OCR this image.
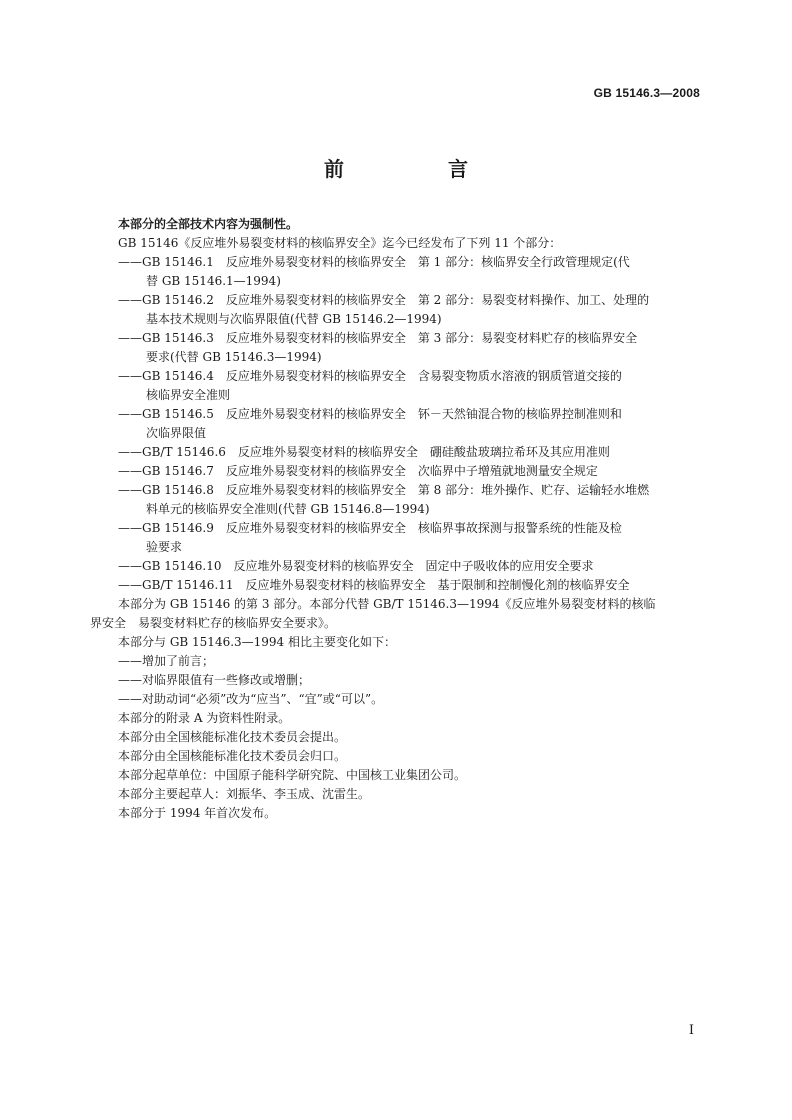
GB 15146.3—2008
前　言
本部分的全部技术内容为强制性。
GB 15146《反应堆外易裂变材料的核临界安全》迄今已经发布了下列 11 个部分：
——GB 15146.1　反应堆外易裂变材料的核临界安全　第 1 部分：核临界安全行政管理规定(代
替 GB 15146.1—1994)
——GB 15146.2　反应堆外易裂变材料的核临界安全　第 2 部分：易裂变材料操作、加工、处理的
基本技术规则与次临界限值(代替 GB 15146.2—1994)
——GB 15146.3　反应堆外易裂变材料的核临界安全　第 3 部分：易裂变材料贮存的核临界安全
要求(代替 GB 15146.3—1994)
——GB 15146.4　反应堆外易裂变材料的核临界安全　含易裂变物质水溶液的钢质管道交接的
核临界安全准则
——GB 15146.5　反应堆外易裂变材料的核临界安全　钚－天然铀混合物的核临界控制准则和
次临界限值
——GB/T 15146.6　反应堆外易裂变材料的核临界安全　硼硅酸盐玻璃拉希环及其应用准则
——GB 15146.7　反应堆外易裂变材料的核临界安全　次临界中子增殖就地测量安全规定
——GB 15146.8　反应堆外易裂变材料的核临界安全　第 8 部分：堆外操作、贮存、运输轻水堆燃
料单元的核临界安全准则(代替 GB 15146.8—1994)
——GB 15146.9　反应堆外易裂变材料的核临界安全　核临界事故探测与报警系统的性能及检
验要求
——GB 15146.10　反应堆外易裂变材料的核临界安全　固定中子吸收体的应用安全要求
——GB/T 15146.11　反应堆外易裂变材料的核临界安全　基于限制和控制慢化剂的核临界安全
本部分为 GB 15146 的第 3 部分。本部分代替 GB/T 15146.3—1994《反应堆外易裂变材料的核临
界安全　易裂变材料贮存的核临界安全要求》。
本部分与 GB 15146.3—1994 相比主要变化如下：
——增加了前言；
——对临界限值有一些修改或增删；
——对助动词“必须”改为“应当”、“宜”或“可以”。
本部分的附录 A 为资料性附录。
本部分由全国核能标准化技术委员会提出。
本部分由全国核能标准化技术委员会归口。
本部分起草单位：中国原子能科学研究院、中国核工业集团公司。
本部分主要起草人：刘振华、李玉成、沈雷生。
本部分于 1994 年首次发布。
I
